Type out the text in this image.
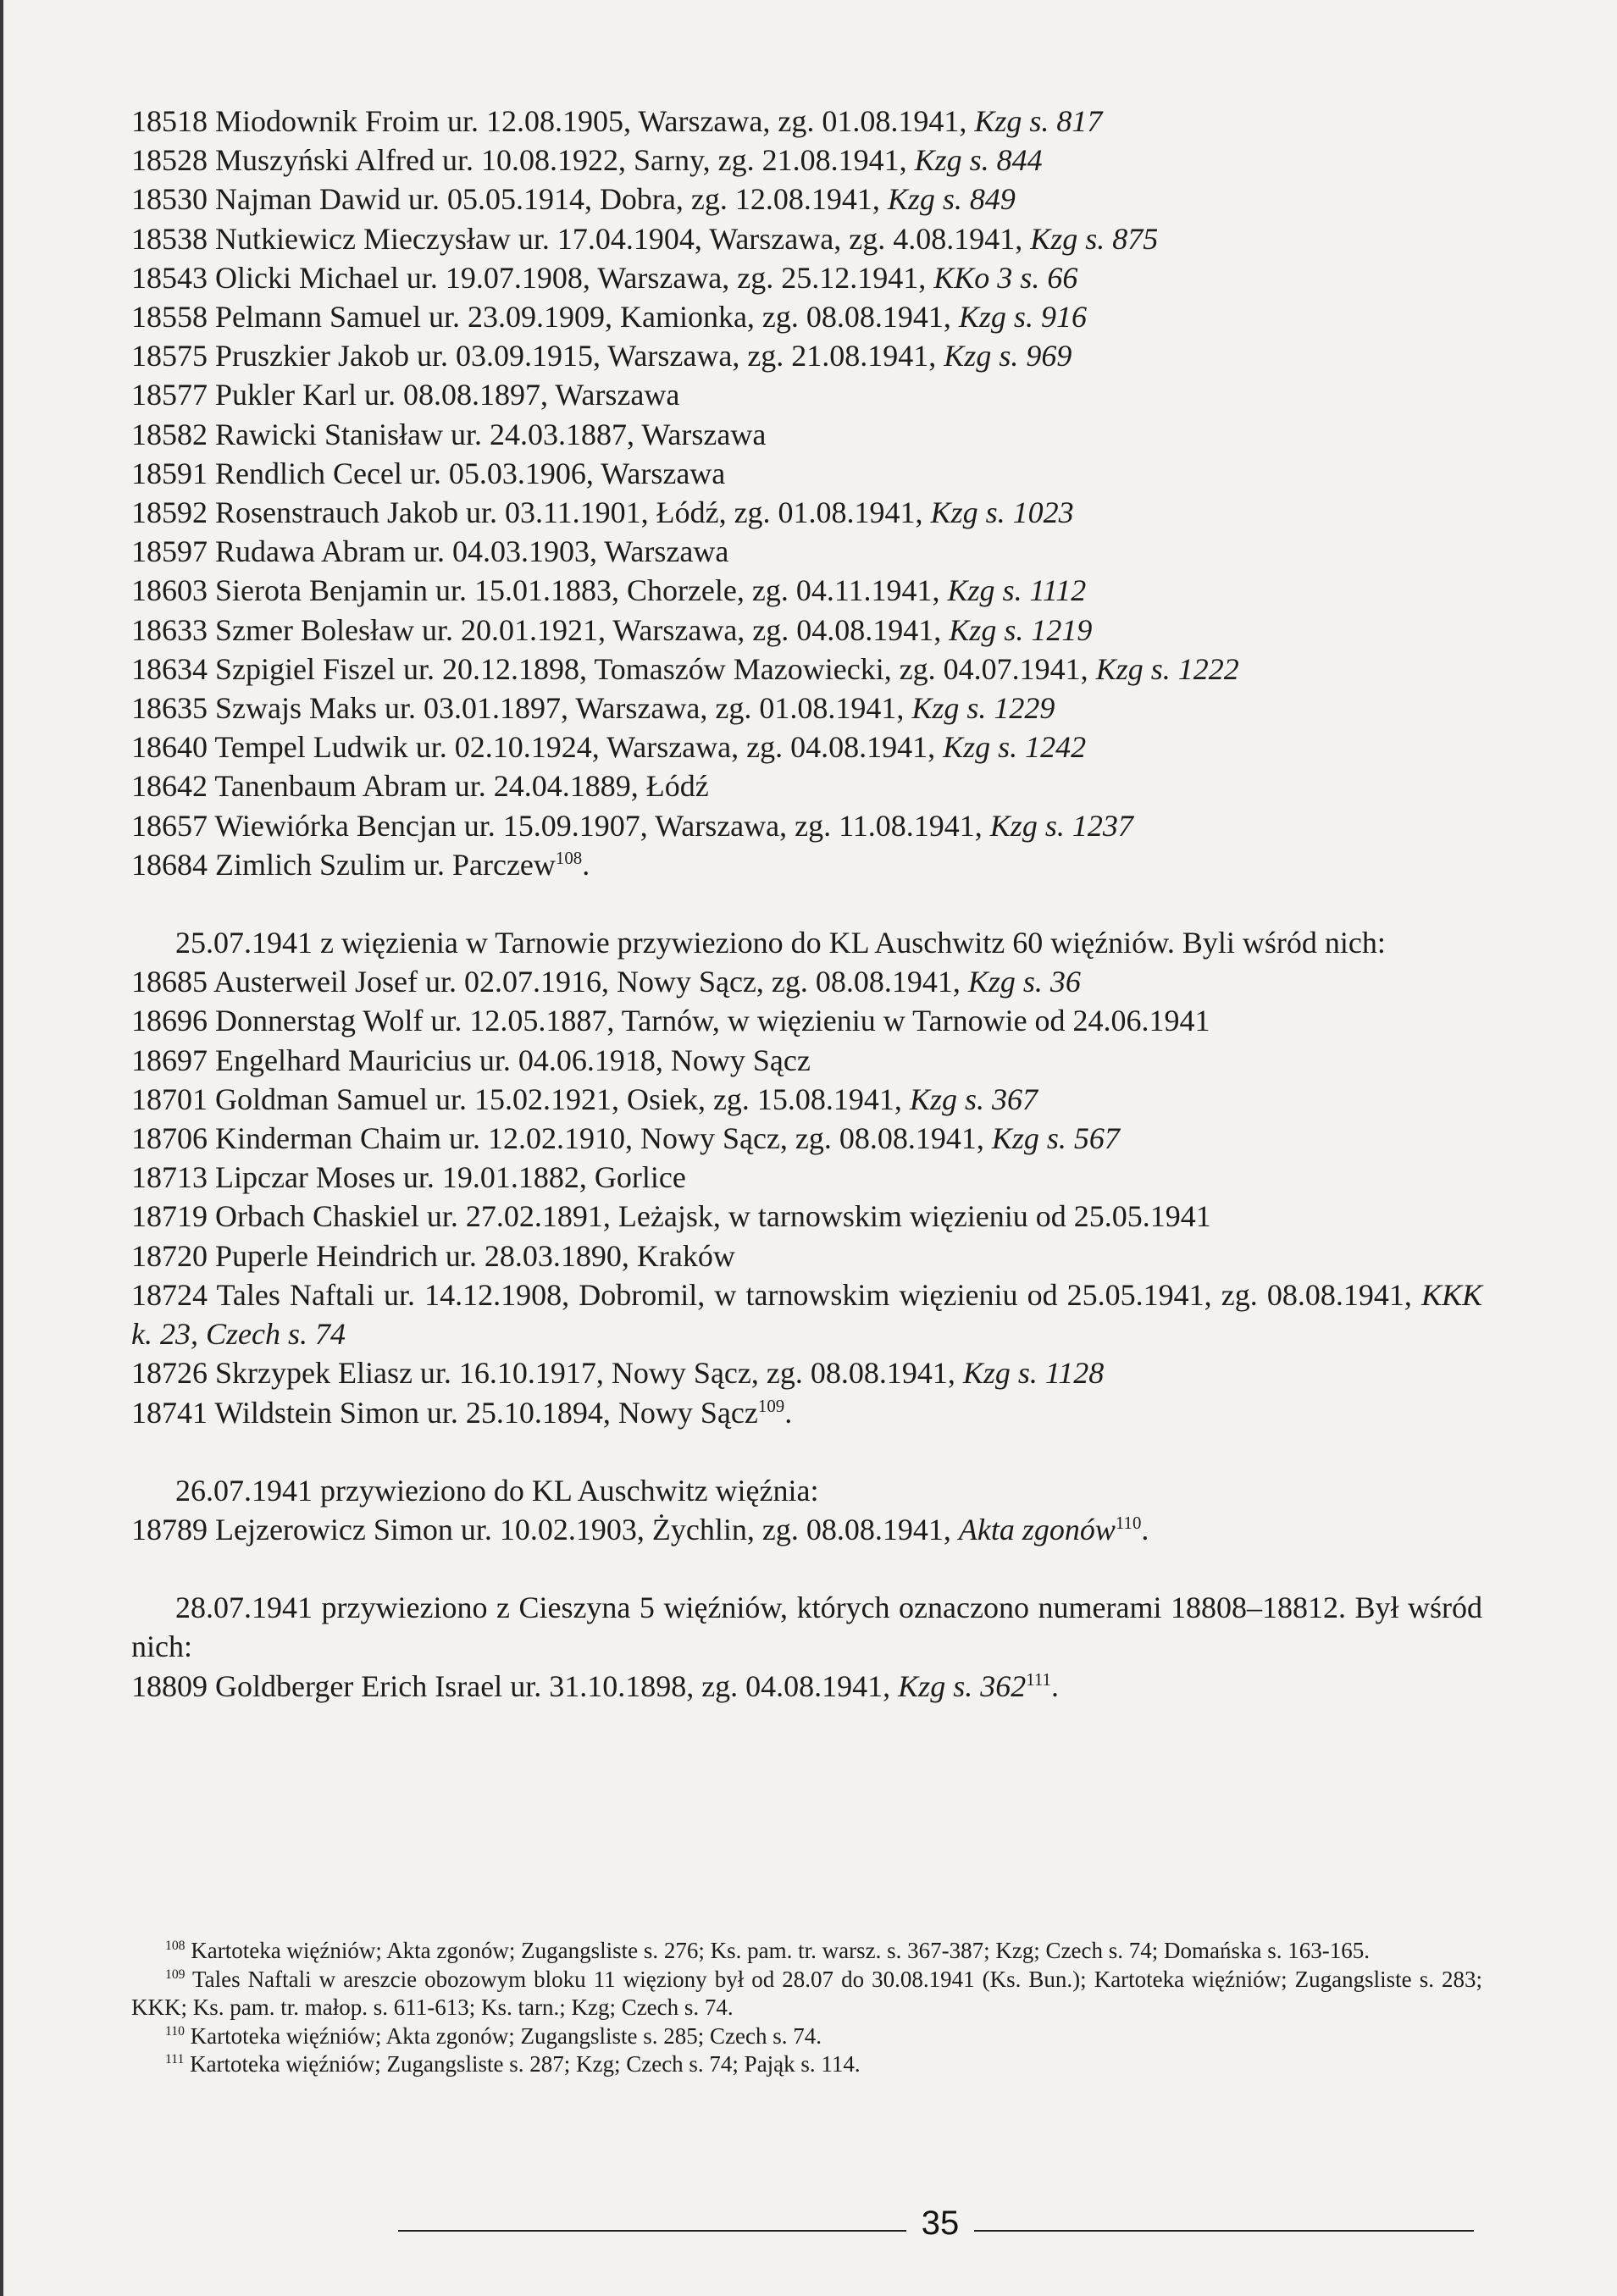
18518 Miodownik Froim ur. 12.08.1905, Warszawa, zg. 01.08.1941, Kzg s. 817
18528 Muszyński Alfred ur. 10.08.1922, Sarny, zg. 21.08.1941, Kzg s. 844
18530 Najman Dawid ur. 05.05.1914, Dobra, zg. 12.08.1941, Kzg s. 849
18538 Nutkiewicz Mieczysław ur. 17.04.1904, Warszawa, zg. 4.08.1941, Kzg s. 875
18543 Olicki Michael ur. 19.07.1908, Warszawa, zg. 25.12.1941, KKo 3 s. 66
18558 Pelmann Samuel ur. 23.09.1909, Kamionka, zg. 08.08.1941, Kzg s. 916
18575 Pruszkier Jakob ur. 03.09.1915, Warszawa, zg. 21.08.1941, Kzg s. 969
18577 Pukler Karl ur. 08.08.1897, Warszawa
18582 Rawicki Stanisław ur. 24.03.1887, Warszawa
18591 Rendlich Cecel ur. 05.03.1906, Warszawa
18592 Rosenstrauch Jakob ur. 03.11.1901, Łódź, zg. 01.08.1941, Kzg s. 1023
18597 Rudawa Abram ur. 04.03.1903, Warszawa
18603 Sierota Benjamin ur. 15.01.1883, Chorzele, zg. 04.11.1941, Kzg s. 1112
18633 Szmer Bolesław ur. 20.01.1921, Warszawa, zg. 04.08.1941, Kzg s. 1219
18634 Szpigiel Fiszel ur. 20.12.1898, Tomaszów Mazowiecki, zg. 04.07.1941, Kzg s. 1222
18635 Szwajs Maks ur. 03.01.1897, Warszawa, zg. 01.08.1941, Kzg s. 1229
18640 Tempel Ludwik ur. 02.10.1924, Warszawa, zg. 04.08.1941, Kzg s. 1242
18642 Tanenbaum Abram ur. 24.04.1889, Łódź
18657 Wiewiórka Bencjan ur. 15.09.1907, Warszawa, zg. 11.08.1941, Kzg s. 1237
18684 Zimlich Szulim ur. Parczew$^{108}$.
25.07.1941 z więzienia w Tarnowie przywieziono do KL Auschwitz 60 więźniów. Byli wśród nich:
18685 Austerweil Josef ur. 02.07.1916, Nowy Sącz, zg. 08.08.1941, Kzg s. 36
18696 Donnerstag Wolf ur. 12.05.1887, Tarnów, w więzieniu w Tarnowie od 24.06.1941
18697 Engelhard Mauricius ur. 04.06.1918, Nowy Sącz
18701 Goldman Samuel ur. 15.02.1921, Osiek, zg. 15.08.1941, Kzg s. 367
18706 Kinderman Chaim ur. 12.02.1910, Nowy Sącz, zg. 08.08.1941, Kzg s. 567
18713 Lipczar Moses ur. 19.01.1882, Gorlice
18719 Orbach Chaskiel ur. 27.02.1891, Leżajsk, w tarnowskim więzieniu od 25.05.1941
18720 Puperle Heindrich ur. 28.03.1890, Kraków
18724 Tales Naftali ur. 14.12.1908, Dobromil, w tarnowskim więzieniu od 25.05.1941, zg. 08.08.1941, KKK k. 23, Czech s. 74
18726 Skrzypek Eliasz ur. 16.10.1917, Nowy Sącz, zg. 08.08.1941, Kzg s. 1128
18741 Wildstein Simon ur. 25.10.1894, Nowy Sącz$^{109}$.
26.07.1941 przywieziono do KL Auschwitz więźnia:
18789 Lejzerowicz Simon ur. 10.02.1903, Żychlin, zg. 08.08.1941, Akta zgonów$^{110}$.
28.07.1941 przywieziono z Cieszyna 5 więźniów, których oznaczono numerami 18808–18812. Był wśród nich:
18809 Goldberger Erich Israel ur. 31.10.1898, zg. 04.08.1941, Kzg s. $362^{111}$.
$^{108}$ Kartoteka więźniów; Akta zgonów; Zugangsliste s. 276; Ks. pam. tr. warsz. s. 367-387; Kzg; Czech s. 74; Domańska s. 163-165.
$^{109}$ Tales Naftali w areszcie obozowym bloku 11 więziony był od 28.07 do 30.08.1941 (Ks. Bun.); Kartoteka więźniów; Zugangsliste s. 283; KKK; Ks. pam. tr. małop. s. 611-613; Ks. tarn.; Kzg; Czech s. 74.
$^{110}$ Kartoteka więźniów; Akta zgonów; Zugangsliste s. 285; Czech s. 74.
$^{111}$ Kartoteka więźniów; Zugangsliste s. 287; Kzg; Czech s. 74; Pająk s. 114.
35
